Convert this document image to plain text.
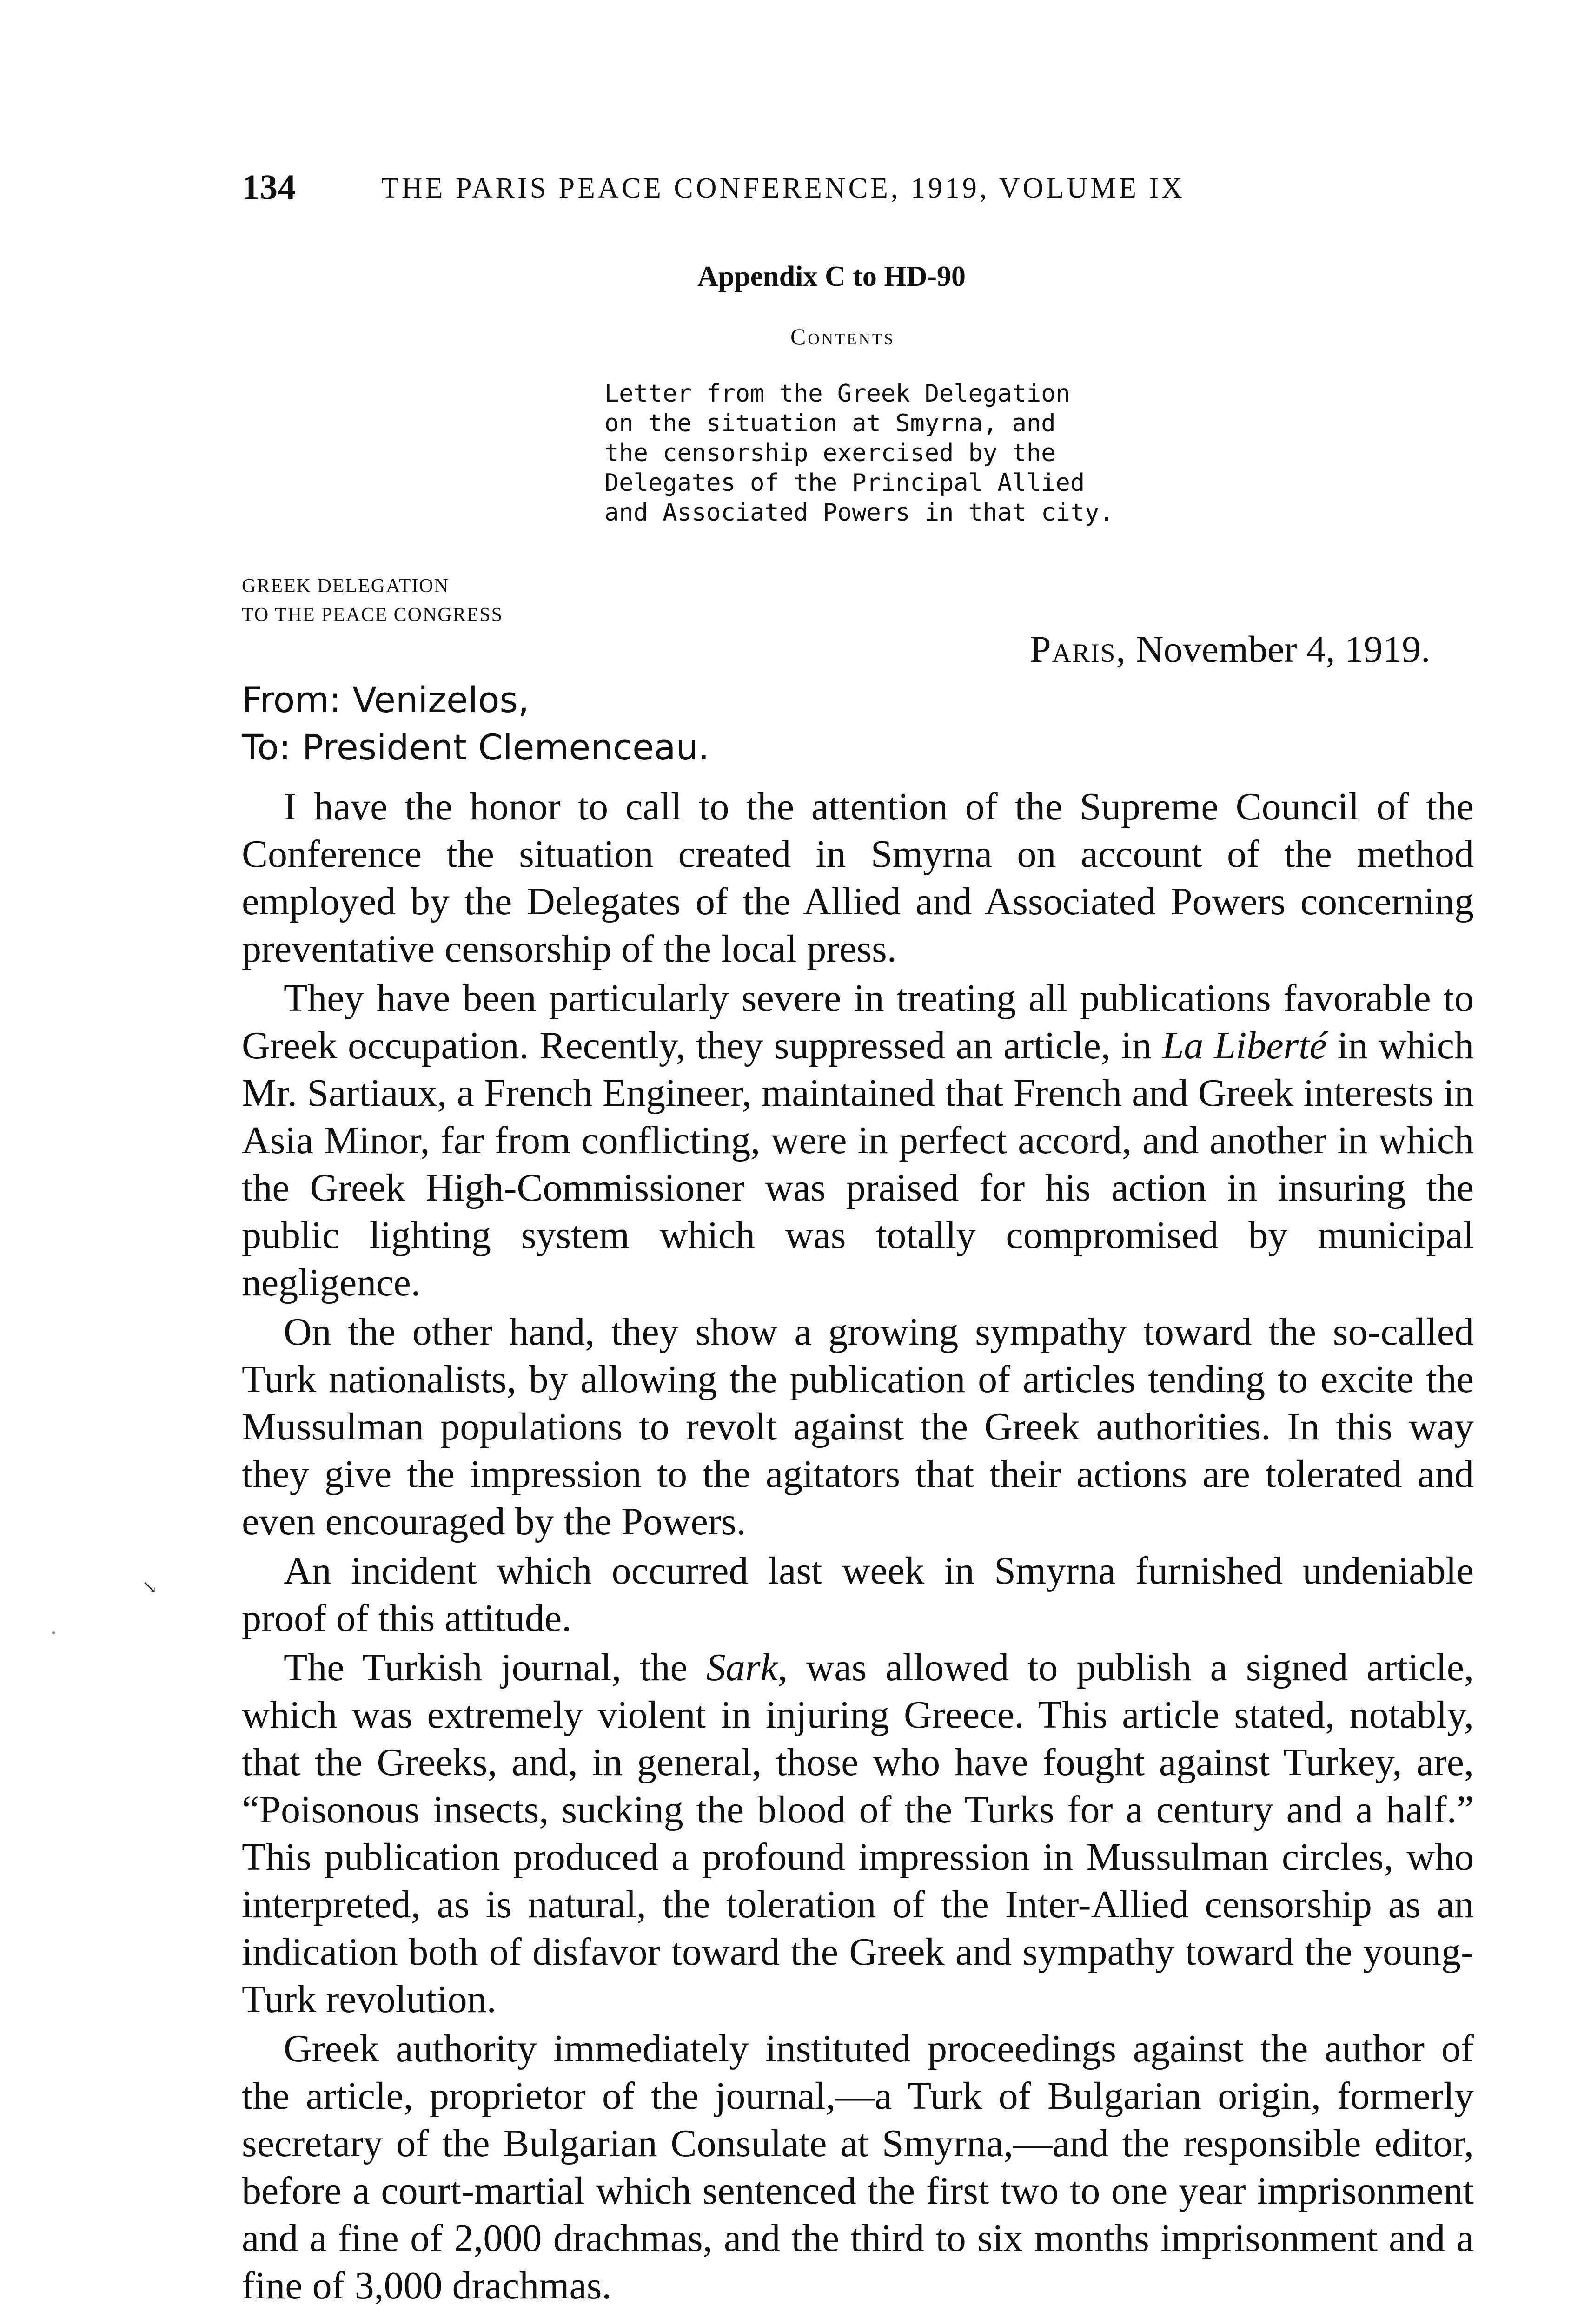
134	THE PARIS PEACE CONFERENCE, 1919, VOLUME IX
Appendix C to HD-90
Contents
Letter from the Greek Delegation
on the situation at Smyrna, and
the censorship exercised by the
Delegates of the Principal Allied
and Associated Powers in that city.
GREEK DELEGATION
TO THE PEACE CONGRESS
Paris, November 4, 1919.
From: Venizelos,
To: President Clemenceau.

I have the honor to call to the attention of the Supreme Council of the Conference the situation created in Smyrna on account of the method employed by the Delegates of the Allied and Associated Powers concerning preventative censorship of the local press.

They have been particularly severe in treating all publications favorable to Greek occupation. Recently, they suppressed an article, in La Liberté in which Mr. Sartiaux, a French Engineer, maintained that French and Greek interests in Asia Minor, far from conflicting, were in perfect accord, and another in which the Greek High-Commissioner was praised for his action in insuring the public lighting system which was totally compromised by municipal negligence.

On the other hand, they show a growing sympathy toward the so-called Turk nationalists, by allowing the publication of articles tending to excite the Mussulman populations to revolt against the Greek authorities. In this way they give the impression to the agitators that their actions are tolerated and even encouraged by the Powers.

An incident which occurred last week in Smyrna furnished undeniable proof of this attitude.

The Turkish journal, the Sark, was allowed to publish a signed article, which was extremely violent in injuring Greece. This article stated, notably, that the Greeks, and, in general, those who have fought against Turkey, are, “Poisonous insects, sucking the blood of the Turks for a century and a half.” This publication produced a profound impression in Mussulman circles, who interpreted, as is natural, the toleration of the Inter-Allied censorship as an indication both of disfavor toward the Greek and sympathy toward the young-Turk revolution.

Greek authority immediately instituted proceedings against the author of the article, proprietor of the journal,—a Turk of Bulgarian origin, formerly secretary of the Bulgarian Consulate at Smyrna,—and the responsible editor, before a court-martial which sentenced the first two to one year imprisonment and a fine of 2,000 drachmas, and the third to six months imprisonment and a fine of 3,000 drachmas.

↘
